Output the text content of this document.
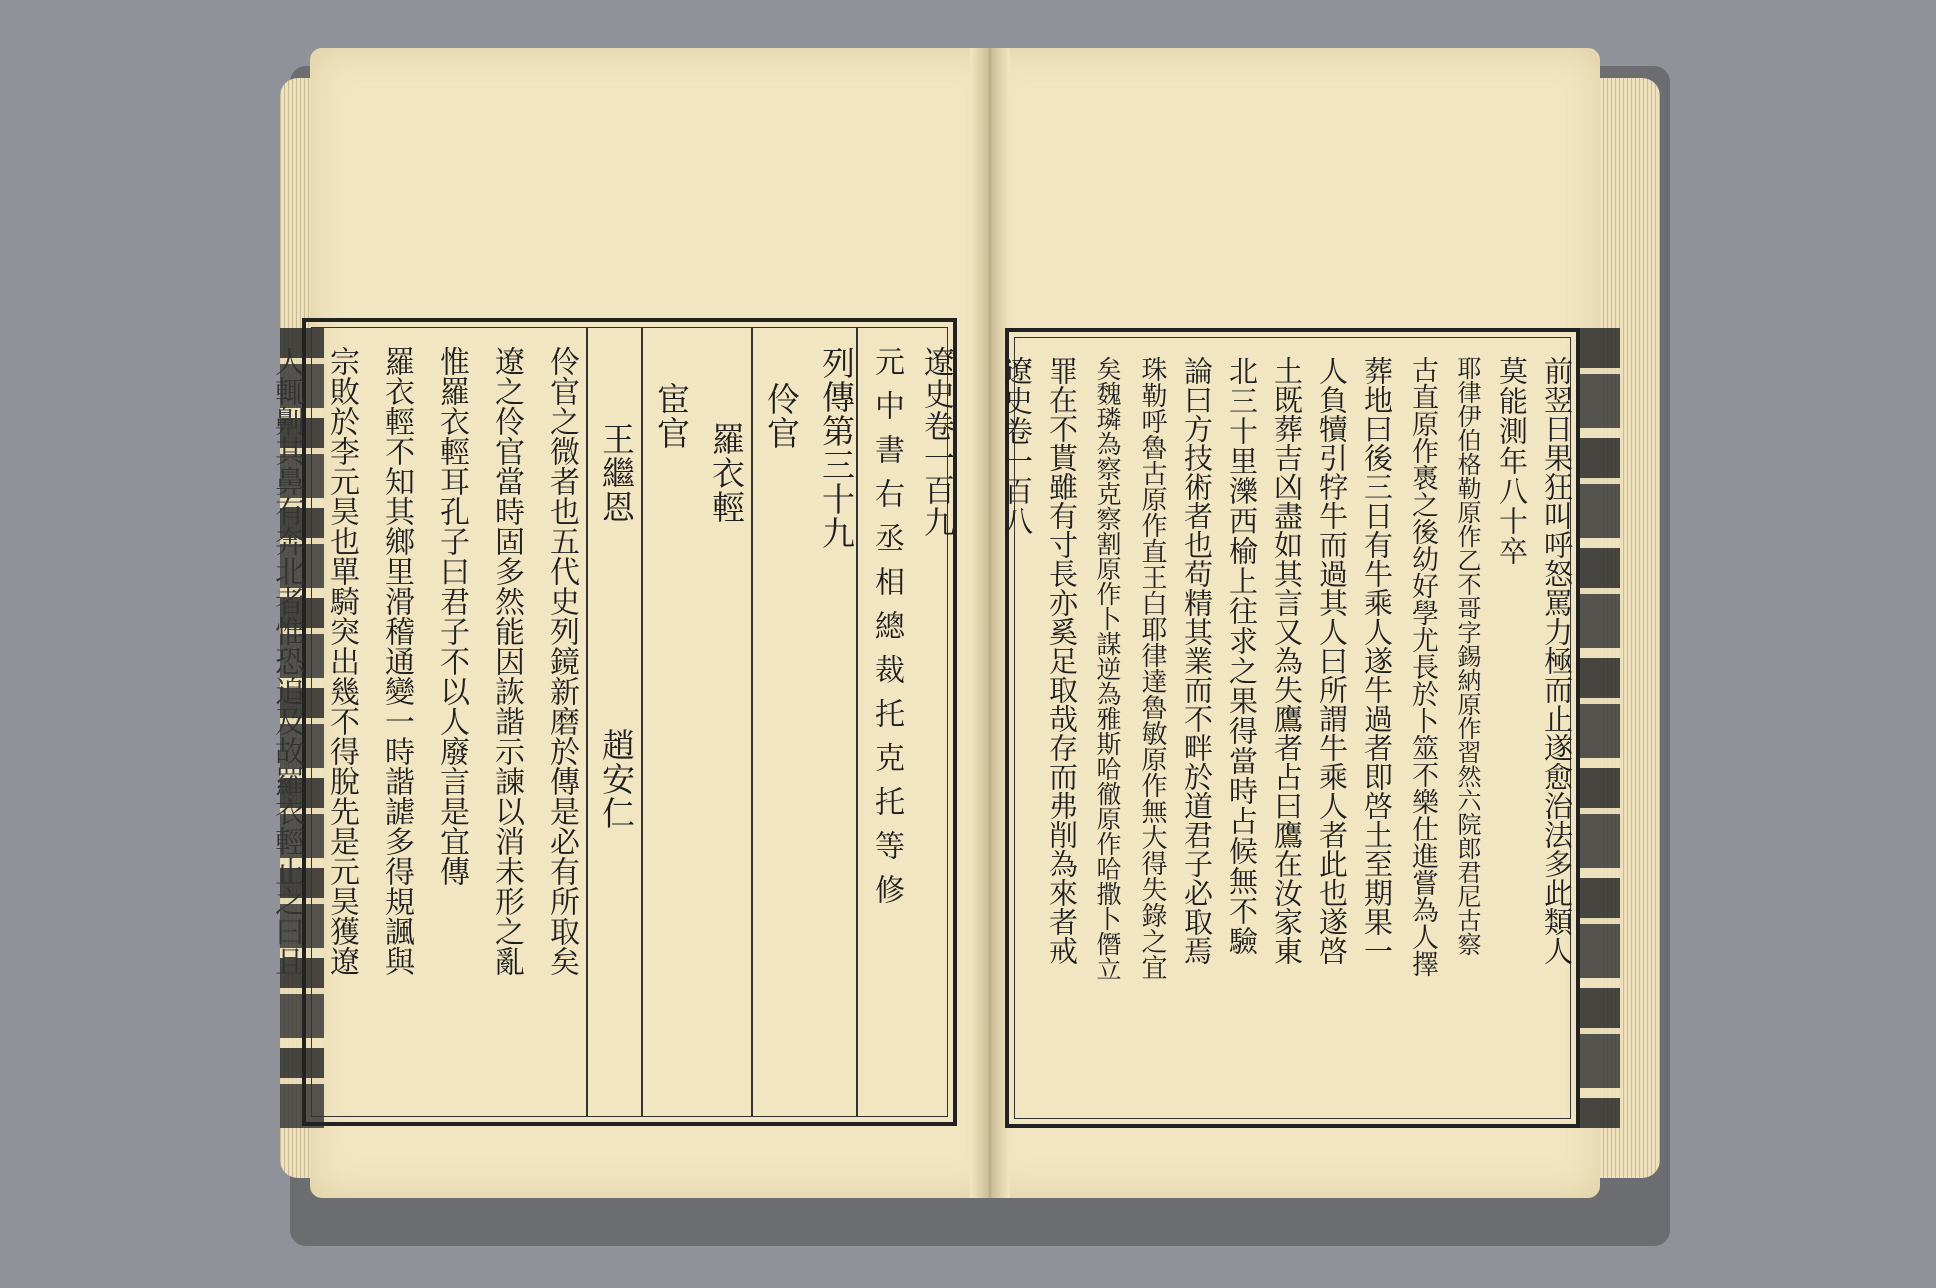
遼史卷一百九
元中書右丞相總裁托克托等修
列傳第三十九
伶官
羅衣輕
宦官
王繼恩　　　　　　趙安仁
伶官之微者也五代史列鏡新磨於傳是必有所取矣
遼之伶官當時固多然能因詼諧示諫以消未形之亂
惟羅衣輕耳孔子曰君子不以人廢言是宜傳
羅衣輕不知其鄉里滑稽通變一時諧謔多得規諷與
宗敗於李元昊也單騎突出幾不得脫先是元昊獲遼
人輒劓其鼻有奔北者惟恐追及故羅衣輕止之曰且	前翌日果狂叫呼怒罵力極而止遂愈治法多此類人
莫能測年八十卒
耶律伊伯格勒原作乙不哥字錫納原作習然六院郎君尼古察
古直原作褭之後幼好學尤長於卜筮不樂仕進嘗為人擇
葬地曰後三日有牛乘人遂牛過者即啓土至期果一
人負犢引牸牛而過其人曰所謂牛乘人者此也遂啓
土既葬吉凶盡如其言又為失鷹者占曰鷹在汝家東
北三十里濼西榆上往求之果得當時占候無不驗
論曰方技術者也苟精其業而不畔於道君子必取焉
珠勒呼魯古原作直王白耶律達魯敏原作無大得失錄之宜
矣魏璘為察克察割原作卜謀逆為雅斯哈徹原作哈撒卜僭立
罪在不貰雖有寸長亦奚足取哉存而弗削為來者戒
遼史卷一百八
